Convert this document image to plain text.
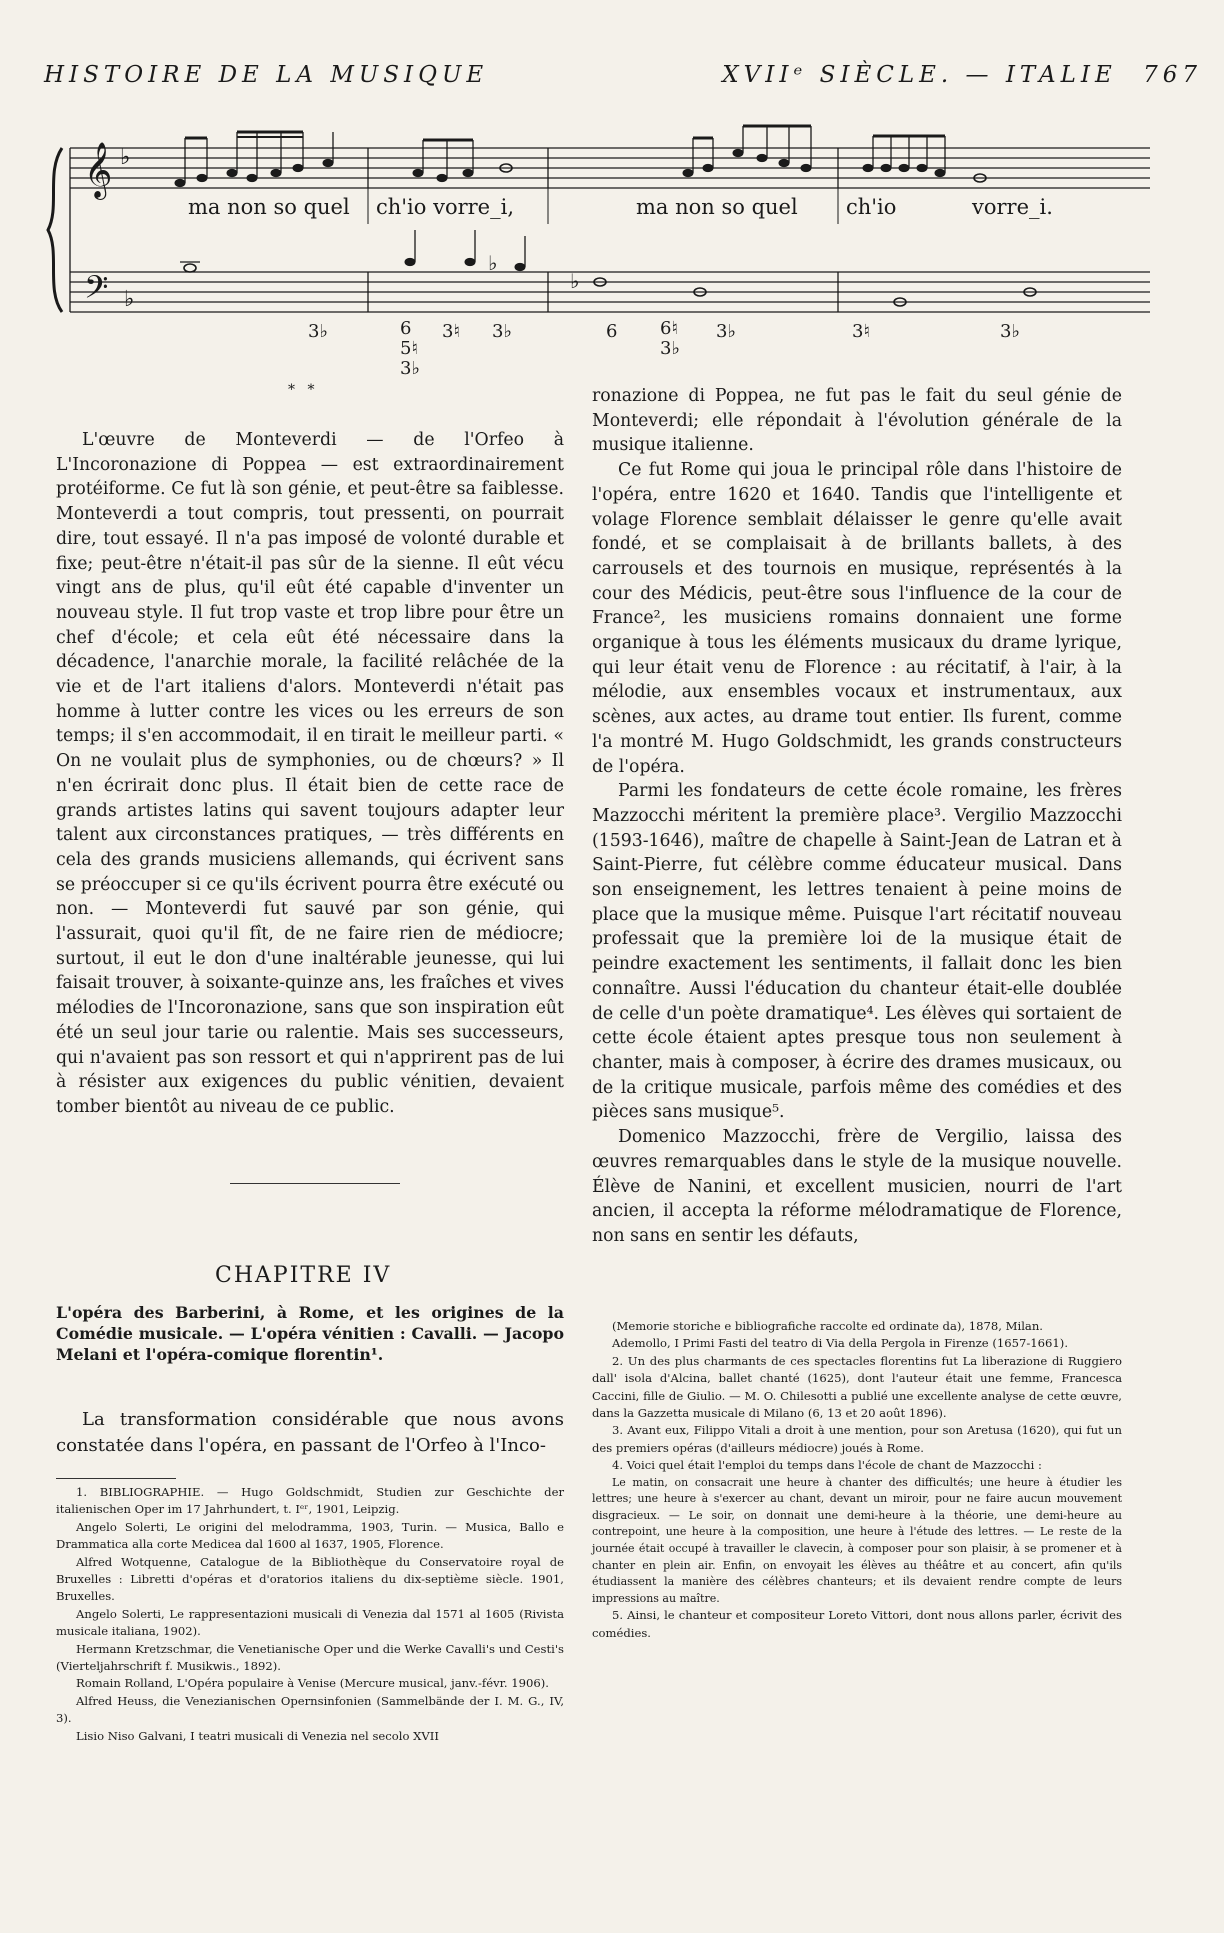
HISTOIRE DE LA MUSIQUE	XVIIᵉ SIÈCLE. — ITALIE 767
𝄞 ♭
ma non so quel ch'io vorre_i,	ma non so quel ch'io	vorre_i.
𝄢 ♭
♭
♭
3♭	6
5♮
3♭
3♮ 3♭	6 6♮
3♭
3♭	3♮	3♭
* *

L'œuvre de Monteverdi — de l'Orfeo à L'Incoronazione di Poppea — est extraordinairement protéiforme. Ce fut là son génie, et peut-être sa faiblesse. Monteverdi a tout compris, tout pressenti, on pourrait dire, tout essayé. Il n'a pas imposé de volonté durable et fixe; peut-être n'était-il pas sûr de la sienne. Il eût vécu vingt ans de plus, qu'il eût été capable d'inventer un nouveau style. Il fut trop vaste et trop libre pour être un chef d'école; et cela eût été nécessaire dans la décadence, l'anarchie morale, la facilité relâchée de la vie et de l'art italiens d'alors. Monteverdi n'était pas homme à lutter contre les vices ou les erreurs de son temps; il s'en accommodait, il en tirait le meilleur parti. « On ne voulait plus de symphonies, ou de chœurs? » Il n'en écrirait donc plus. Il était bien de cette race de grands artistes latins qui savent toujours adapter leur talent aux circonstances pratiques, — très différents en cela des grands musiciens allemands, qui écrivent sans se préoccuper si ce qu'ils écrivent pourra être exécuté ou non. — Monteverdi fut sauvé par son génie, qui l'assurait, quoi qu'il fît, de ne faire rien de médiocre; surtout, il eut le don d'une inaltérable jeunesse, qui lui faisait trouver, à soixante-quinze ans, les fraîches et vives mélodies de l'Incoronazione, sans que son inspiration eût été un seul jour tarie ou ralentie. Mais ses successeurs, qui n'avaient pas son ressort et qui n'apprirent pas de lui à résister aux exigences du public vénitien, devaient tomber bientôt au niveau de ce public.

CHAPITRE IV
L'opéra des Barberini, à Rome, et les origines de la Comédie musicale. — L'opéra vénitien : Cavalli. — Jacopo Melani et l'opéra-comique florentin¹.

La transformation considérable que nous avons constatée dans l'opéra, en passant de l'Orfeo à l'Inco-

1. BIBLIOGRAPHIE. — Hugo Goldschmidt, Studien zur Geschichte der italienischen Oper im 17 Jahrhundert, t. Iᵉʳ, 1901, Leipzig.

Angelo Solerti, Le origini del melodramma, 1903, Turin. — Musica, Ballo e Drammatica alla corte Medicea dal 1600 al 1637, 1905, Florence.

Alfred Wotquenne, Catalogue de la Bibliothèque du Conservatoire royal de Bruxelles : Libretti d'opéras et d'oratorios italiens du dix-septième siècle. 1901, Bruxelles.

Angelo Solerti, Le rappresentazioni musicali di Venezia dal 1571 al 1605 (Rivista musicale italiana, 1902).

Hermann Kretzschmar, die Venetianische Oper und die Werke Cavalli's und Cesti's (Vierteljahrschrift f. Musikwis., 1892).

Romain Rolland, L'Opéra populaire à Venise (Mercure musical, janv.-févr. 1906).

Alfred Heuss, die Venezianischen Opernsinfonien (Sammelbände der I. M. G., IV, 3).

Lisio Niso Galvani, I teatri musicali di Venezia nel secolo XVII

ronazione di Poppea, ne fut pas le fait du seul génie de Monteverdi; elle répondait à l'évolution générale de la musique italienne.

Ce fut Rome qui joua le principal rôle dans l'histoire de l'opéra, entre 1620 et 1640. Tandis que l'intelligente et volage Florence semblait délaisser le genre qu'elle avait fondé, et se complaisait à de brillants ballets, à des carrousels et des tournois en musique, représentés à la cour des Médicis, peut-être sous l'influence de la cour de France², les musiciens romains donnaient une forme organique à tous les éléments musicaux du drame lyrique, qui leur était venu de Florence : au récitatif, à l'air, à la mélodie, aux ensembles vocaux et instrumentaux, aux scènes, aux actes, au drame tout entier. Ils furent, comme l'a montré M. Hugo Goldschmidt, les grands constructeurs de l'opéra.

Parmi les fondateurs de cette école romaine, les frères Mazzocchi méritent la première place³. Vergilio Mazzocchi (1593-1646), maître de chapelle à Saint-Jean de Latran et à Saint-Pierre, fut célèbre comme éducateur musical. Dans son enseignement, les lettres tenaient à peine moins de place que la musique même. Puisque l'art récitatif nouveau professait que la première loi de la musique était de peindre exactement les sentiments, il fallait donc les bien connaître. Aussi l'éducation du chanteur était-elle doublée de celle d'un poète dramatique⁴. Les élèves qui sortaient de cette école étaient aptes presque tous non seulement à chanter, mais à composer, à écrire des drames musicaux, ou de la critique musicale, parfois même des comédies et des pièces sans musique⁵.

Domenico Mazzocchi, frère de Vergilio, laissa des œuvres remarquables dans le style de la musique nouvelle. Élève de Nanini, et excellent musicien, nourri de l'art ancien, il accepta la réforme mélodramatique de Florence, non sans en sentir les défauts,

(Memorie storiche e bibliografiche raccolte ed ordinate da), 1878, Milan.

Ademollo, I Primi Fasti del teatro di Via della Pergola in Firenze (1657-1661).

2. Un des plus charmants de ces spectacles florentins fut La liberazione di Ruggiero dall' isola d'Alcina, ballet chanté (1625), dont l'auteur était une femme, Francesca Caccini, fille de Giulio. — M. O. Chilesotti a publié une excellente analyse de cette œuvre, dans la Gazzetta musicale di Milano (6, 13 et 20 août 1896).

3. Avant eux, Filippo Vitali a droit à une mention, pour son Aretusa (1620), qui fut un des premiers opéras (d'ailleurs médiocre) joués à Rome.

4. Voici quel était l'emploi du temps dans l'école de chant de Mazzocchi :

Le matin, on consacrait une heure à chanter des difficultés; une heure à étudier les lettres; une heure à s'exercer au chant, devant un miroir, pour ne faire aucun mouvement disgracieux. — Le soir, on donnait une demi-heure à la théorie, une demi-heure au contrepoint, une heure à la composition, une heure à l'étude des lettres. — Le reste de la journée était occupé à travailler le clavecin, à composer pour son plaisir, à se promener et à chanter en plein air. Enfin, on envoyait les élèves au théâtre et au concert, afin qu'ils étudiassent la manière des célèbres chanteurs; et ils devaient rendre compte de leurs impressions au maître.

5. Ainsi, le chanteur et compositeur Loreto Vittori, dont nous allons parler, écrivit des comédies.
